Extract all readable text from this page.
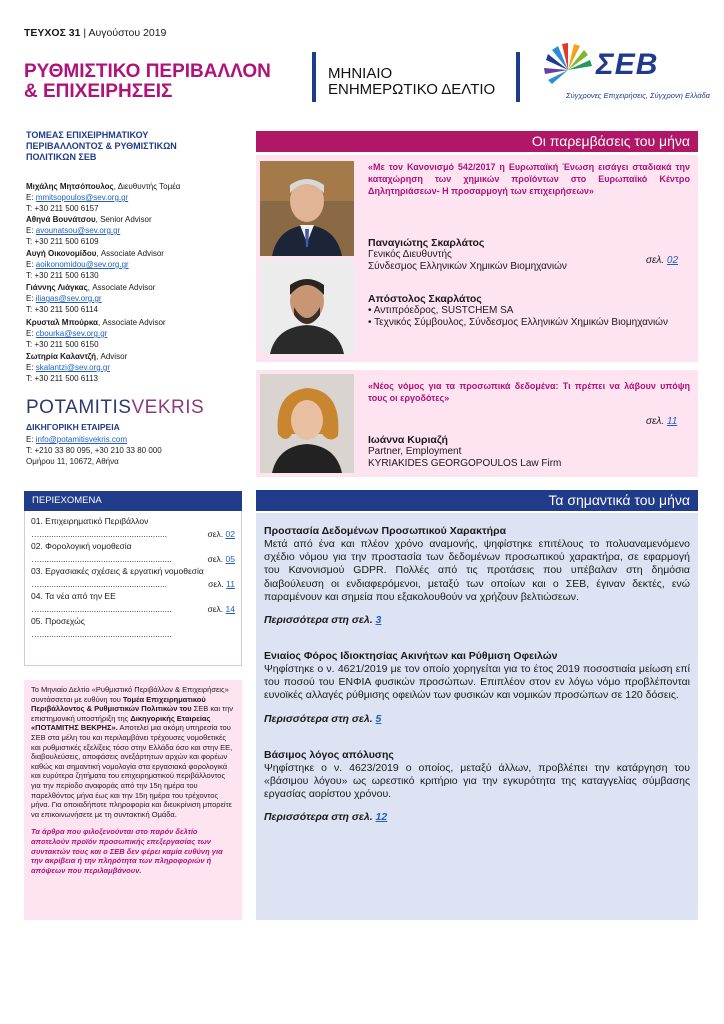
ΤΕΥΧΟΣ 31 | Αυγούστου 2019
ΡΥΘΜΙΣΤΙΚΟ ΠΕΡΙΒΑΛΛΟΝ
& ΕΠΙΧΕΙΡΗΣΕΙΣ
ΜΗΝΙΑΙΟ
ΕΝΗΜΕΡΩΤΙΚΟ ΔΕΛΤΙΟ
ΣΕΒ
Σύγχρονες Επιχειρήσεις, Σύγχρονη Ελλάδα
ΤΟΜΕΑΣ ΕΠΙΧΕΙΡΗΜΑΤΙΚΟΥ
ΠΕΡΙΒΑΛΛΟΝΤΟΣ & ΡΥΘΜΙΣΤΙΚΩΝ
ΠΟΛΙΤΙΚΩΝ ΣΕΒ
Μιχάλης Μητσόπουλος, Διευθυντής Τομέα
E: mmitsopoulos@sev.org.gr
T: +30 211 500 6157
Αθηνά Βουνάτσου, Senior Advisor
E: avounatsou@sev.org.gr
T: +30 211 500 6109
Αυγή Οικονομίδου, Associate Advisor
E: aoikonomidou@sev.org.gr
T: +30 211 500 6130
Γιάννης Λιάγκας, Associate Advisor
E: iliagas@sev.org.gr
T: +30 211 500 6114
Κρυσταλ Μπούρκα, Associate Advisor
E: cbourka@sev.org.gr
T: +30 211 500 6150
Σωτηρία Καλαντζή, Advisor
E: skalantzi@sev.org.gr
T: +30 211 500 6113
POTAMITISVEKRIS
ΔΙΚΗΓΟΡΙΚΗ ΕΤΑΙΡΕΙΑ
E: info@potamitisvekris.com
T: +210 33 80 095, +30 210 33 80 000
Ομήρου 11, 10672, Αθήνα
ΠΕΡΙΕΧΟΜΕΝΑ
01. Επιχειρηματικό Περιβάλλον
…......................................................	σελ. 02
02. Φορολογική νομοθεσία
…........................................................	σελ. 05
03. Εργασιακές σχέσεις & εργατική νομοθεσία
…......................................................	σελ. 11
04. Τα νέα από την ΕΕ
…........................................................	σελ. 14
05. Προσεχώς
…........................................................
Το Μηνιαίο Δελτίο «Ρυθμιστικό Περιβάλλον & Επιχειρήσεις» συντάσσεται με ευθύνη του Τομέα Επιχειρηματικού Περιβάλλοντος & Ρυθμιστικών Πολιτικών του ΣΕΒ και την επιστημονική υποστήριξη της Δικηγορικής Εταιρείας «ΠΟΤΑΜΙΤΗΣ ΒΕΚΡΗΣ». Αποτελεί μια ακόμη υπηρεσία του ΣΕΒ στα μέλη του και περιλαμβάνει τρέχουσες νομοθετικές και ρυθμιστικές εξελίξεις τόσο στην Ελλάδα όσο και στην ΕΕ, διαβουλεύσεις, αποφάσεις ανεξάρτητων αρχών και φορέων καθώς και σημαντική νομολογία στα εργασιακά φορολογικά και ευρύτερα ζητήματα του επιχειρηματικού περιβάλλοντος για την περίοδο αναφοράς από την 15η ημέρα του παρελθόντος μήνα έως και την 15η ημέρα του τρέχοντος μήνα. Για οποιαδήποτε πληροφορία και διευκρίνιση μπορείτε να επικοινωνήσετε με τη συντακτική Ομάδα.
Τα άρθρα που φιλοξενούνται στο παρόν δελτίο αποτελούν προϊόν προσωπικής επεξεργασίας των συντακτών τους και ο ΣΕΒ δεν φέρει καμία ευθύνη για την ακρίβεια ή την πληρότητα των πληροφοριών ή απόψεων που περιλαμβάνουν.
Οι παρεμβάσεις του μήνα
«Με τον Κανονισμό 542/2017 η Ευρωπαϊκή Ένωση εισάγει σταδιακά την καταχώρηση των χημικών προϊόντων στο Ευρωπαϊκό Κέντρο Δηλητηριάσεων- Η προσαρμογή των επιχειρήσεων»
Παναγιώτης Σκαρλάτος
Γενικός Διευθυντής
Σύνδεσμος Ελληνικών Χημικών Βιομηχανιών
σελ. 02
Απόστολος Σκαρλάτος
• Αντιπρόεδρος, SUSTCHEM SA
• Τεχνικός Σύμβουλος, Σύνδεσμος Ελληνικών Χημικών Βιομηχανιών
«Νέος νόμος για τα προσωπικά δεδομένα: Τι πρέπει να λάβουν υπόψη τους οι εργοδότες»
σελ. 11
Ιωάννα Κυριαζή
Partner, Employment
KYRIAKIDES GEORGOPOULOS Law Firm
Τα σημαντικά του μήνα
Προστασία Δεδομένων Προσωπικού Χαρακτήρα
Μετά από ένα και πλέον χρόνο αναμονής, ψηφίστηκε επιτέλους το πολυαναμενόμενο σχέδιο νόμου για την προστασία των δεδομένων προσωπικού χαρακτήρα, σε εφαρμογή του Κανονισμού GDPR. Πολλές από τις προτάσεις που υπέβαλαν στη δημόσια διαβούλευση οι ενδιαφερόμενοι, μεταξύ των οποίων και ο ΣΕΒ, έγιναν δεκτές, ενώ παραμένουν και σημεία που εξακολουθούν να χρήζουν βελτιώσεων.
Περισσότερα στη σελ. 3
Ενιαίος Φόρος Ιδιοκτησίας Ακινήτων και Ρύθμιση Οφειλών
Ψηφίστηκε ο ν. 4621/2019 με τον οποίο χορηγείται για το έτος 2019 ποσοστιαία μείωση επί του ποσού του ΕΝΦΙΑ φυσικών προσώπων. Επιπλέον στον εν λόγω νόμο προβλέπονται ευνοϊκές αλλαγές ρύθμισης οφειλών των φυσικών και νομικών προσώπων σε 120 δόσεις.
Περισσότερα στη σελ. 5
Βάσιμος λόγος απόλυσης
Ψηφίστηκε ο ν. 4623/2019 ο οποίος, μεταξύ άλλων, προβλέπει την κατάργηση του «βάσιμου λόγου» ως ωρεστικό κριτήριο για την εγκυρότητα της καταγγελίας σύμβασης εργασίας αορίστου χρόνου.
Περισσότερα στη σελ. 12
